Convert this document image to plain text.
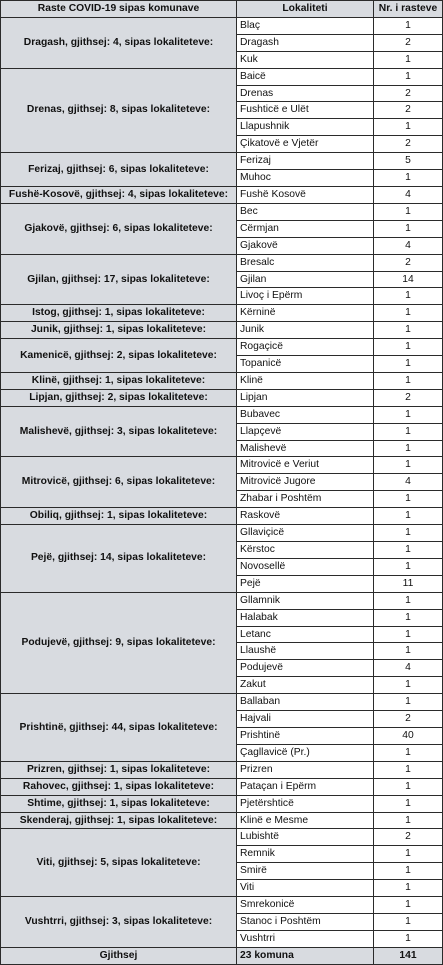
Raste COVID-19 sipas komunave	Lokaliteti	Nr. i rasteve
Dragash, gjithsej: 4, sipas lokaliteteve:	Blaç	1
	Dragash	2
	Kuk	1
Drenas, gjithsej: 8, sipas lokaliteteve:	Baicë	1
	Drenas	2
	Fushticë e Ulët	2
	Llapushnik	1
	Çikatovë e Vjetër	2
Ferizaj, gjithsej: 6, sipas lokaliteteve:	Ferizaj	5
	Muhoc	1
Fushë-Kosovë, gjithsej: 4, sipas lokaliteteve:	Fushë Kosovë	4
Gjakovë, gjithsej: 6, sipas lokaliteteve:	Bec	1
	Cërmjan	1
	Gjakovë	4
Gjilan, gjithsej: 17, sipas lokaliteteve:	Bresalc	2
	Gjilan	14
	Livoç i Epërm	1
Istog, gjithsej: 1, sipas lokaliteteve:	Kërninë	1
Junik, gjithsej: 1, sipas lokaliteteve:	Junik	1
Kamenicë, gjithsej: 2, sipas lokaliteteve:	Rogaçicë	1
	Topanicë	1
Klinë, gjithsej: 1, sipas lokaliteteve:	Klinë	1
Lipjan, gjithsej: 2, sipas lokaliteteve:	Lipjan	2
Malishevë, gjithsej: 3, sipas lokaliteteve:	Bubavec	1
	Llapçevë	1
	Malishevë	1
Mitrovicë, gjithsej: 6, sipas lokaliteteve:	Mitrovicë e Veriut	1
	Mitrovicë Jugore	4
	Zhabar i Poshtëm	1
Obiliq, gjithsej: 1, sipas lokaliteteve:	Raskovë	1
Pejë, gjithsej: 14, sipas lokaliteteve:	Gllaviçicë	1
	Kërstoc	1
	Novosellë	1
	Pejë	11
Podujevë, gjithsej: 9, sipas lokaliteteve:	Gllamnik	1
	Halabak	1
	Letanc	1
	Llaushë	1
	Podujevë	4
	Zakut	1
Prishtinë, gjithsej: 44, sipas lokaliteteve:	Ballaban	1
	Hajvali	2
	Prishtinë	40
	Çagllavicë (Pr.)	1
Prizren, gjithsej: 1, sipas lokaliteteve:	Prizren	1
Rahovec, gjithsej: 1, sipas lokaliteteve:	Pataçan i Epërm	1
Shtime, gjithsej: 1, sipas lokaliteteve:	Pjetërshticë	1
Skenderaj, gjithsej: 1, sipas lokaliteteve:	Klinë e Mesme	1
Viti, gjithsej: 5, sipas lokaliteteve:	Lubishtë	2
	Remnik	1
	Smirë	1
	Viti	1
Vushtrri, gjithsej: 3, sipas lokaliteteve:	Smrekonicë	1
	Stanoc i Poshtëm	1
	Vushtrri	1
Gjithsej	23 komuna	141
